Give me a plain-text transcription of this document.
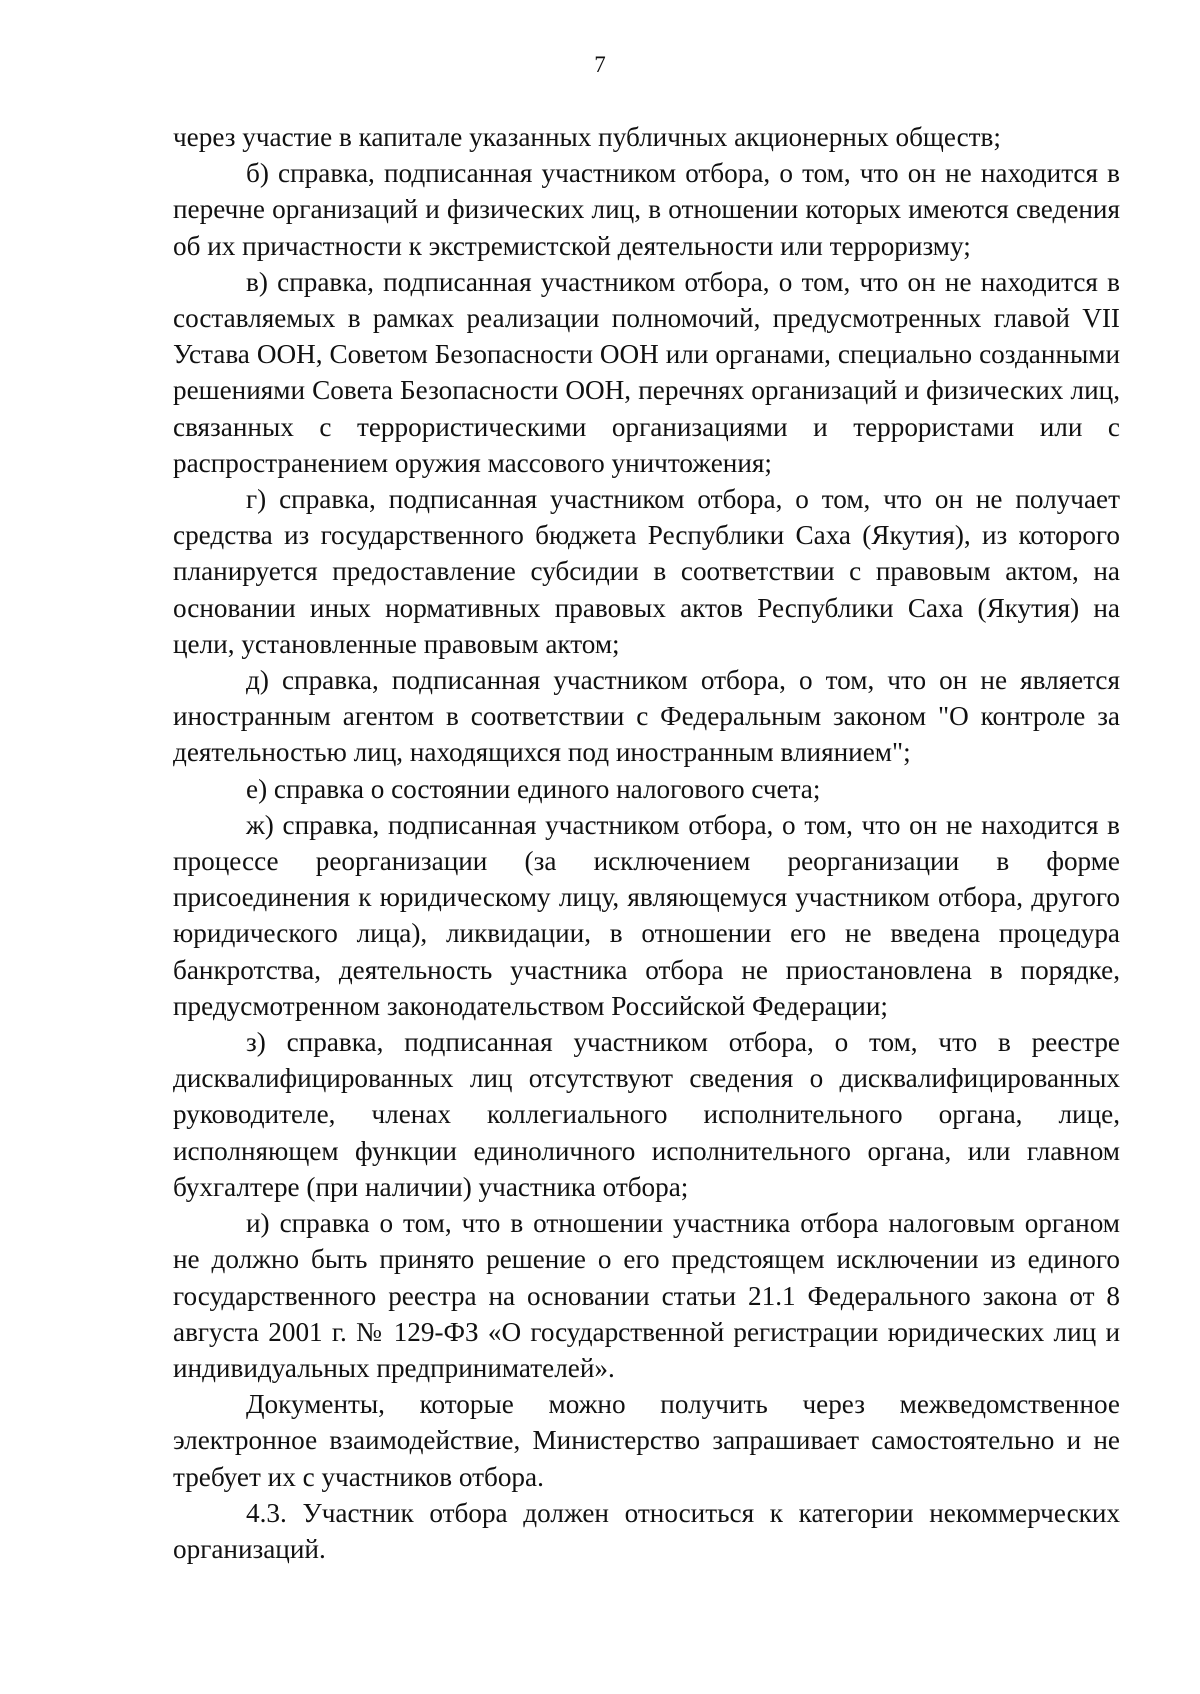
7

через участие в капитале указанных публичных акционерных обществ;

б) справка, подписанная участником отбора, о том, что он не находится в перечне организаций и физических лиц, в отношении которых имеются сведения об их причастности к экстремистской деятельности или терроризму;

в) справка, подписанная участником отбора, о том, что он не находится в составляемых в рамках реализации полномочий, предусмотренных главой VII Устава ООН, Советом Безопасности ООН или органами, специально созданными решениями Совета Безопасности ООН, перечнях организаций и физических лиц, связанных с террористическими организациями и террористами или с распространением оружия массового уничтожения;

г) справка, подписанная участником отбора, о том, что он не получает средства из государственного бюджета Республики Саха (Якутия), из которого планируется предоставление субсидии в соответствии с правовым актом, на основании иных нормативных правовых актов Республики Саха (Якутия) на цели, установленные правовым актом;

д) справка, подписанная участником отбора, о том, что он не является иностранным агентом в соответствии с Федеральным законом "О контроле за деятельностью лиц, находящихся под иностранным влиянием";

е) справка о состоянии единого налогового счета;

ж) справка, подписанная участником отбора, о том, что он не находится в процессе реорганизации (за исключением реорганизации в форме присоединения к юридическому лицу, являющемуся участником отбора, другого юридического лица), ликвидации, в отношении его не введена процедура банкротства, деятельность участника отбора не приостановлена в порядке, предусмотренном законодательством Российской Федерации;

з) справка, подписанная участником отбора, о том, что в реестре дисквалифицированных лиц отсутствуют сведения о дисквалифицированных руководителе, членах коллегиального исполнительного органа, лице, исполняющем функции единоличного исполнительного органа, или главном бухгалтере (при наличии) участника отбора;

и) справка о том, что в отношении участника отбора налоговым органом не должно быть принято решение о его предстоящем исключении из единого государственного реестра на основании статьи 21.1 Федерального закона от 8 августа 2001 г. № 129-ФЗ «О государственной регистрации юридических лиц и индивидуальных предпринимателей».

Документы, которые можно получить через межведомственное электронное взаимодействие, Министерство запрашивает самостоятельно и не требует их с участников отбора.

4.3. Участник отбора должен относиться к категории некоммерческих организаций.
